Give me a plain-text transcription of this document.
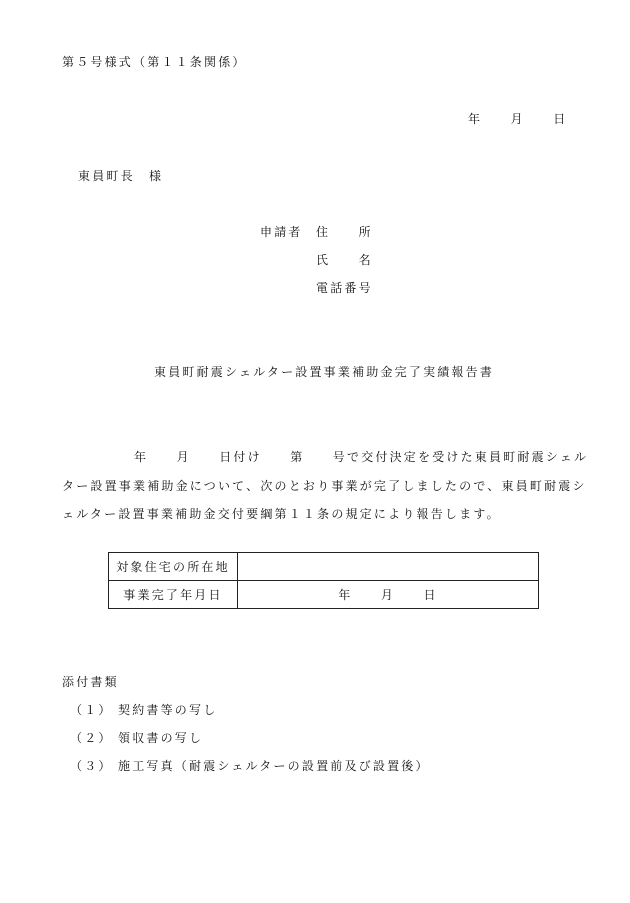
第５号様式（第１１条関係）
年　　月　　日
東員町長　様
申請者 住　　所
氏　　名
電話番号
東員町耐震シェルター設置事業補助金完了実績報告書
年　　月　　日付け　　第　　号で交付決定を受けた東員町耐震シェル
ター設置事業補助金について、次のとおり事業が完了しましたので、東員町耐震シ
ェルター設置事業補助金交付要綱第１１条の規定により報告します。
対象住宅の所在地	
事業完了年月日	年　　月　　日
添付書類
（１） 契約書等の写し
（２） 領収書の写し
（３） 施工写真（耐震シェルターの設置前及び設置後）
